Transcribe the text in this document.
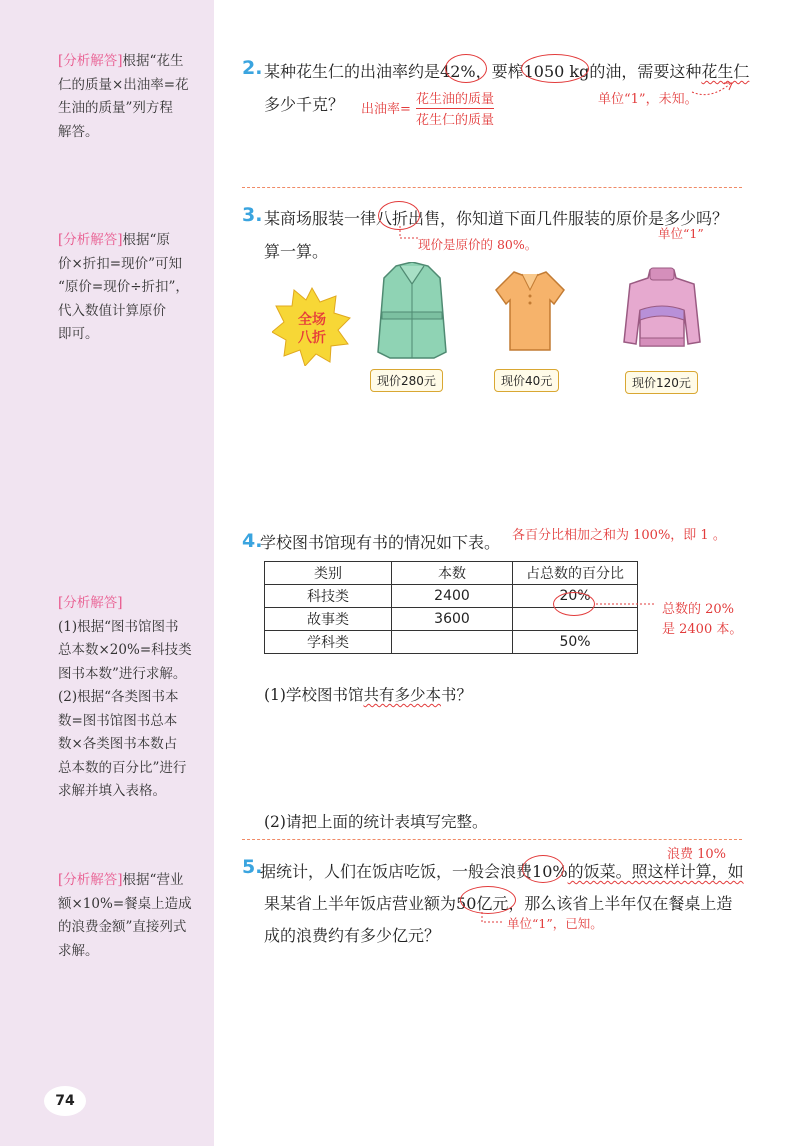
[分析解答]根据“花生
仁的质量×出油率=花
生油的质量”列方程
解答。
[分析解答]根据“原
价×折扣=现价”可知
“原价=现价÷折扣”，
代入数值计算原价
即可。
[分析解答]
(1)根据“图书馆图书
总本数×20%=科技类
图书本数”进行求解。
(2)根据“各类图书本
数=图书馆图书总本
数×各类图书本数占
总本数的百分比”进行
求解并填入表格。
[分析解答]根据“营业
额×10%=餐桌上造成
的浪费金额”直接列式
求解。
74
2. 某种花生仁的出油率约是42%，要榨1050 kg的油，需要这种花生仁
多少千克？ 出油率=
花生油的质量
花生仁的质量
单位“1”，未知。
3. 某商场服装一律八折出售，你知道下面几件服装的原价是多少吗？
算一算。	现价是原价的 80%。
单位“1”
全场
八折
现价280元	现价40元	现价120元
4.
学校图书馆现有书的情况如下表。 各百分比相加之和为 100%，即 1 。
类别	本数	占总数的百分比
科技类	2400	20%
故事类	3600	
学科类		50%
总数的 20%
是 2400 本。
(1)学校图书馆共有多少本书？
(2)请把上面的统计表填写完整。
浪费 10%
5.
据统计，人们在饭店吃饭，一般会浪费10%的饭菜。照这样计算，如
果某省上半年饭店营业额为50亿元，那么该省上半年仅在餐桌上造
成的浪费约有多少亿元？
单位“1”，已知。
